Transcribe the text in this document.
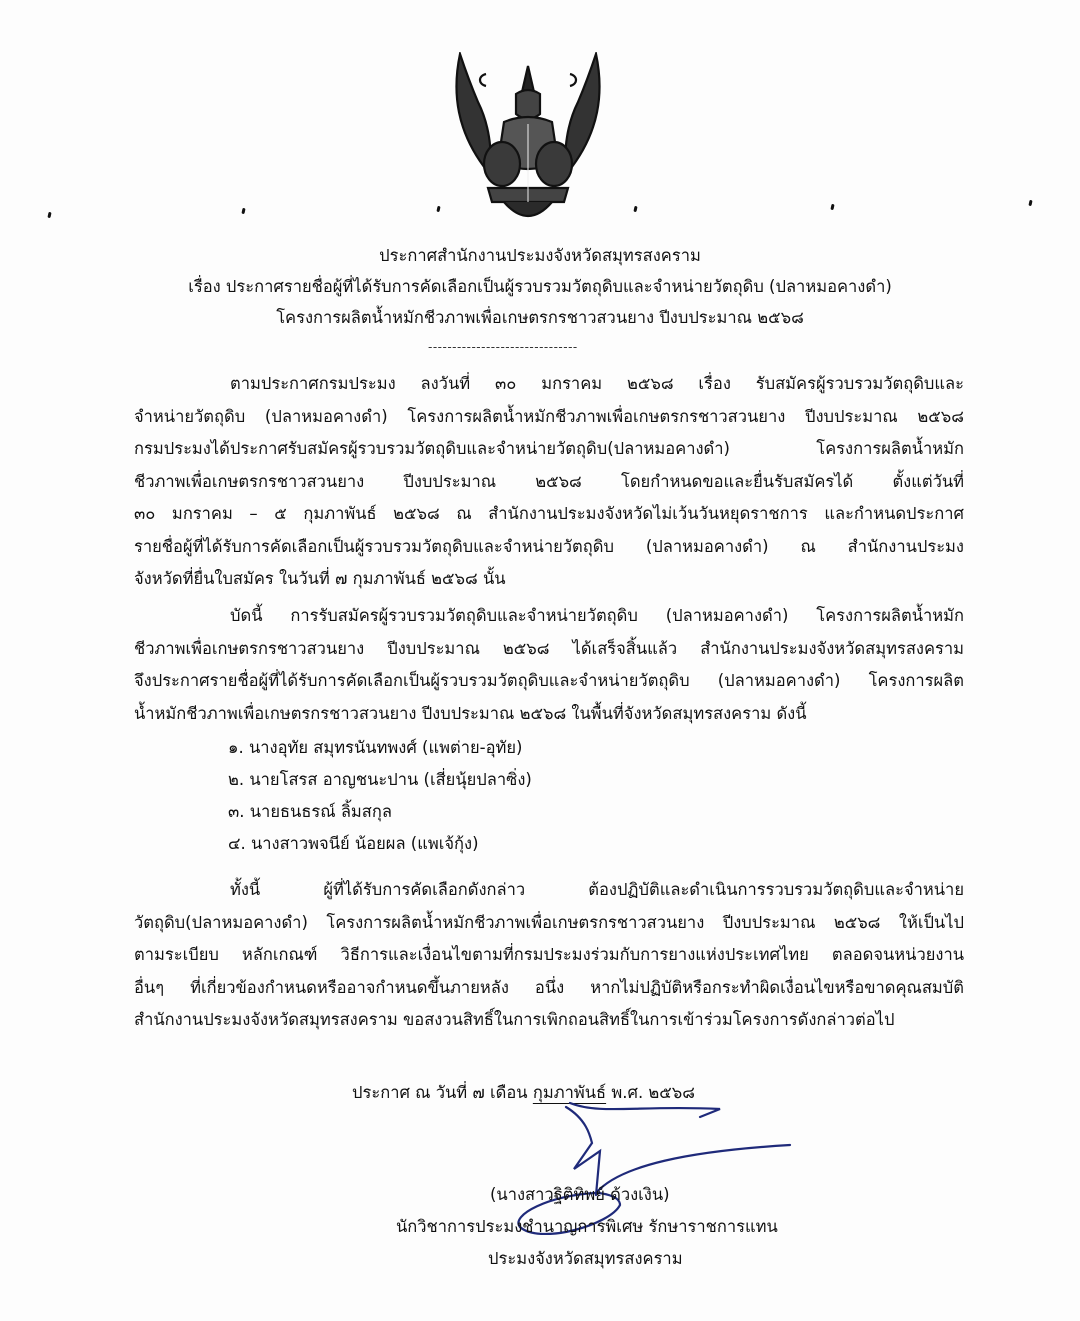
ประกาศสำนักงานประมงจังหวัดสมุทรสงคราม
เรื่อง ประกาศรายชื่อผู้ที่ได้รับการคัดเลือกเป็นผู้รวบรวมวัตถุดิบและจำหน่ายวัตถุดิบ (ปลาหมอคางดำ)
โครงการผลิตน้ำหมักชีวภาพเพื่อเกษตรกรชาวสวนยาง ปีงบประมาณ ๒๕๖๘
-------------------------------
ตามประกาศกรมประมง ลงวันที่ ๓๐ มกราคม ๒๕๖๘ เรื่อง รับสมัครผู้รวบรวมวัตถุดิบและ
จำหน่ายวัตถุดิบ (ปลาหมอคางดำ) โครงการผลิตน้ำหมักชีวภาพเพื่อเกษตรกรชาวสวนยาง ปีงบประมาณ ๒๕๖๘
กรมประมงได้ประกาศรับสมัครผู้รวบรวมวัตถุดิบและจำหน่ายวัตถุดิบ(ปลาหมอคางดำ) โครงการผลิตน้ำหมัก
ชีวภาพเพื่อเกษตรกรชาวสวนยาง ปีงบประมาณ ๒๕๖๘ โดยกำหนดขอและยื่นรับสมัครได้ ตั้งแต่วันที่
๓๐ มกราคม – ๕ กุมภาพันธ์ ๒๕๖๘ ณ สำนักงานประมงจังหวัดไม่เว้นวันหยุดราชการ และกำหนดประกาศ
รายชื่อผู้ที่ได้รับการคัดเลือกเป็นผู้รวบรวมวัตถุดิบและจำหน่ายวัตถุดิบ (ปลาหมอคางดำ) ณ สำนักงานประมง
จังหวัดที่ยื่นใบสมัคร ในวันที่ ๗ กุมภาพันธ์ ๒๕๖๘ นั้น
บัดนี้ การรับสมัครผู้รวบรวมวัตถุดิบและจำหน่ายวัตถุดิบ (ปลาหมอคางดำ) โครงการผลิตน้ำหมัก
ชีวภาพเพื่อเกษตรกรชาวสวนยาง ปีงบประมาณ ๒๕๖๘ ได้เสร็จสิ้นแล้ว สำนักงานประมงจังหวัดสมุทรสงคราม
จึงประกาศรายชื่อผู้ที่ได้รับการคัดเลือกเป็นผู้รวบรวมวัตถุดิบและจำหน่ายวัตถุดิบ (ปลาหมอคางดำ) โครงการผลิต
น้ำหมักชีวภาพเพื่อเกษตรกรชาวสวนยาง ปีงบประมาณ ๒๕๖๘ ในพื้นที่จังหวัดสมุทรสงคราม ดังนี้
๑. นางอุทัย สมุทรนันทพงศ์ (แพต่าย-อุทัย)
๒. นายโสรส อาญชนะปาน (เสี่ยนุ้ยปลาซิ่ง)
๓. นายธนธรณ์ ลิ้มสกุล
๔. นางสาวพจนีย์ น้อยผล (แพเจ้กุ้ง)
ทั้งนี้ ผู้ที่ได้รับการคัดเลือกดังกล่าว ต้องปฏิบัติและดำเนินการรวบรวมวัตถุดิบและจำหน่าย
วัตถุดิบ(ปลาหมอคางดำ) โครงการผลิตน้ำหมักชีวภาพเพื่อเกษตรกรชาวสวนยาง ปีงบประมาณ ๒๕๖๘ ให้เป็นไป
ตามระเบียบ หลักเกณฑ์ วิธีการและเงื่อนไขตามที่กรมประมงร่วมกับการยางแห่งประเทศไทย ตลอดจนหน่วยงาน
อื่นๆ ที่เกี่ยวข้องกำหนดหรืออาจกำหนดขึ้นภายหลัง อนึ่ง หากไม่ปฏิบัติหรือกระทำผิดเงื่อนไขหรือขาดคุณสมบัติ
สำนักงานประมงจังหวัดสมุทรสงคราม ขอสงวนสิทธิ์ในการเพิกถอนสิทธิ์ในการเข้าร่วมโครงการดังกล่าวต่อไป
ประกาศ ณ วันที่ ๗ เดือน กุมภาพันธ์ พ.ศ. ๒๕๖๘
(นางสาวฐิติทิพย์ ด้วงเงิน)
นักวิชาการประมงชำนาญการพิเศษ รักษาราชการแทน
ประมงจังหวัดสมุทรสงคราม
